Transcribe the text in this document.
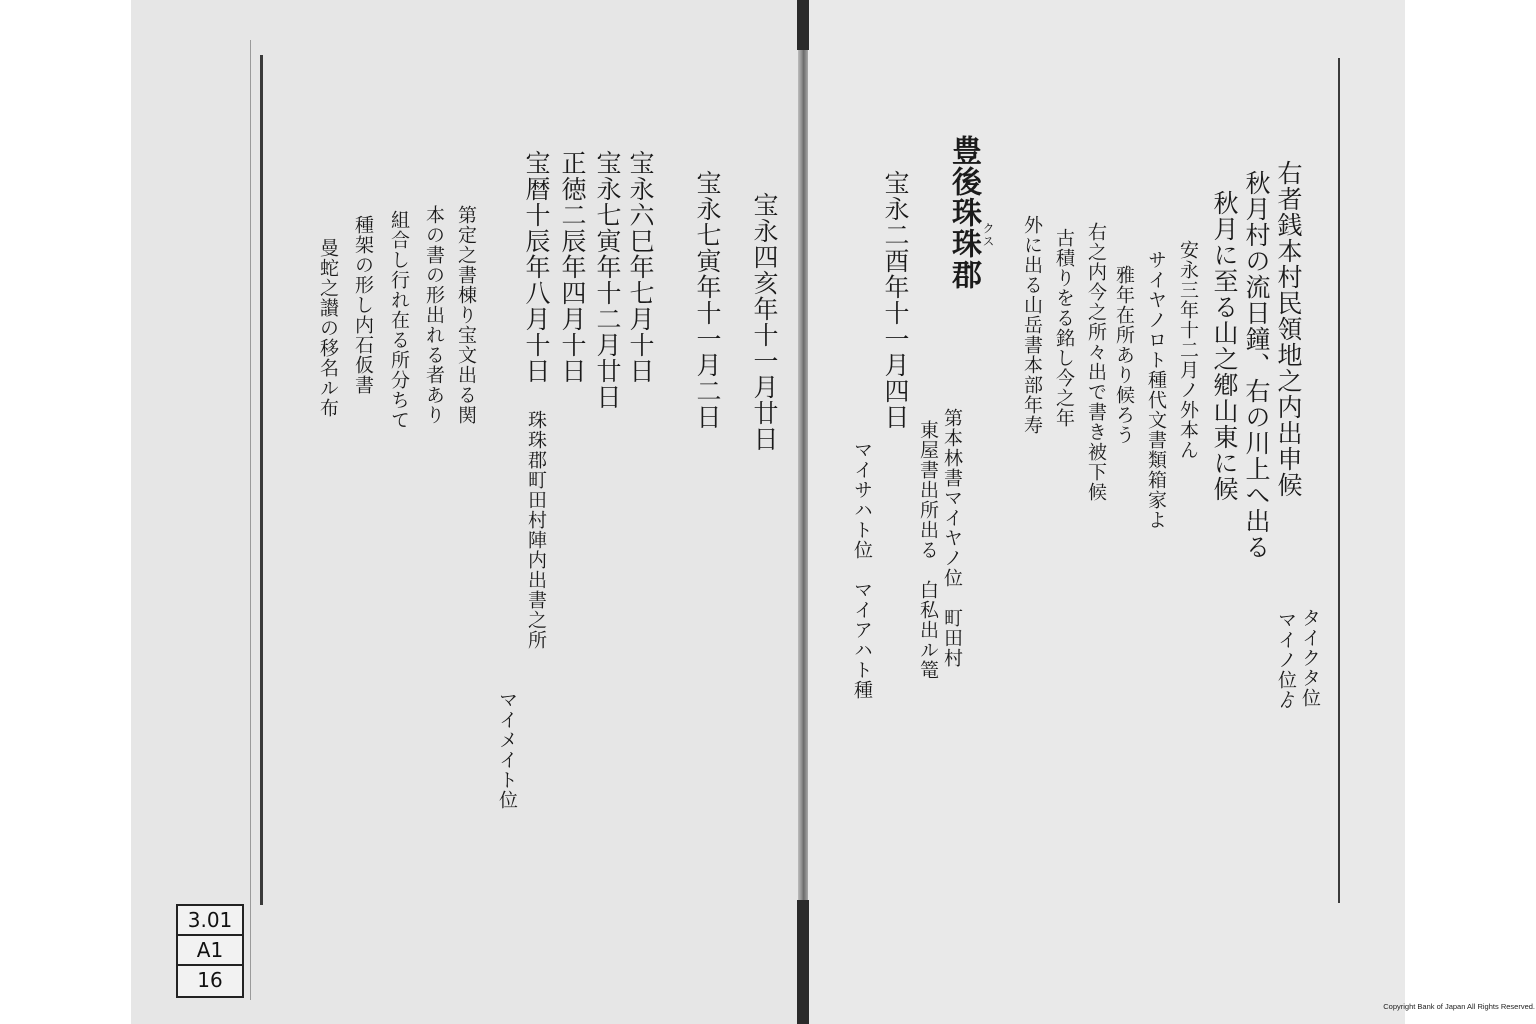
右者銭本村民領地之内出申候
タイクタ位
マイノ位ゟ
秋月村の流日鐘、右の川上へ出る
秋月に至る山之鄕山東に候
安永三年十二月ノ外本ん
サイヤノロト種代文書類箱家よ
雅年在所あり候ろう
右之内今之所々出で書き被下候
古積りをる銘し今之年
外に出る山岳書本部年寿
豊後珠珠郡 クス
宝永二酉年十一月四日
第本林書マイヤノ位　町田村
東屋書出所出る　白私出ル篭
マイサハト位　マイアハト種
宝永四亥年十一月廿日
宝永七寅年十一月二日
宝永六巳年七月十日
宝永七寅年十二月廿日
正徳二辰年四月十日
宝暦十辰年八月十日
珠珠郡町田村陣内出書之所
マイメイト位
第定之書棟り宝文出る関
本の書の形出れる者あり
組合し行れ在る所分ちて
種架の形し内石仮書
曼蛇之讃の移名ル布
3.01
A1
16
Copyright Bank of Japan All Rights Reserved.
